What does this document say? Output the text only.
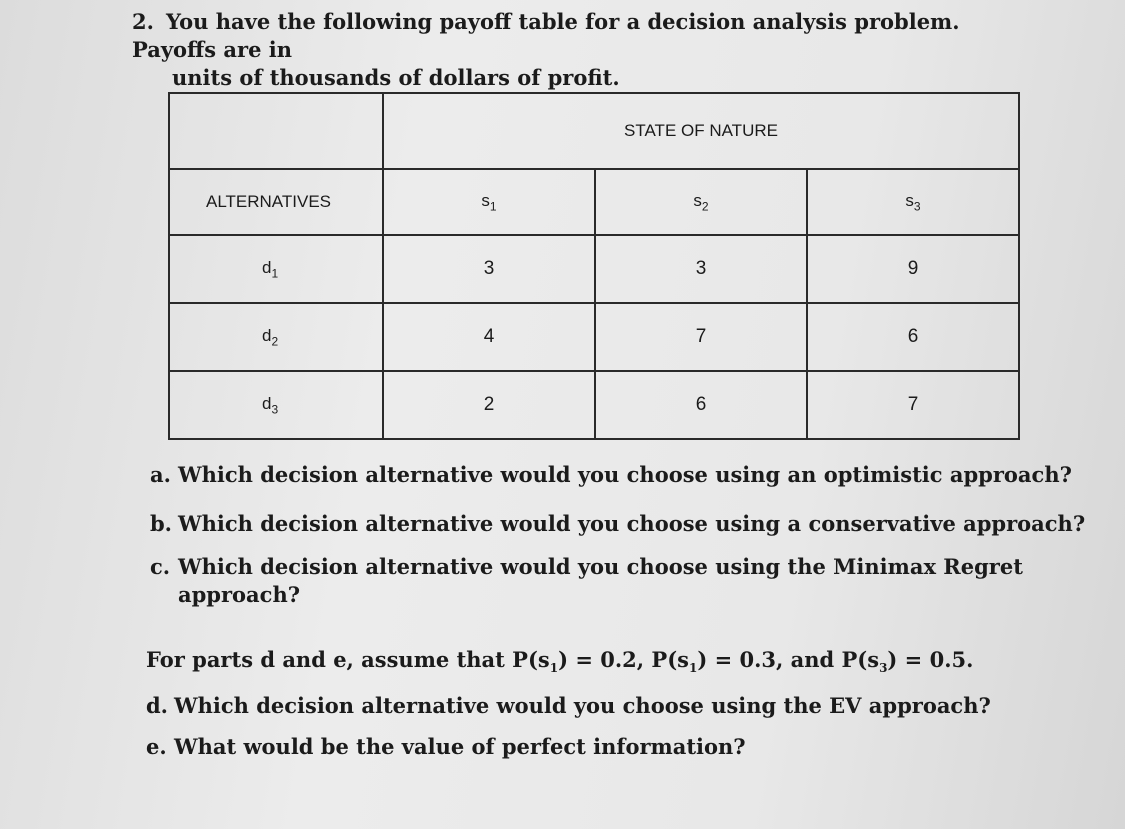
2. You have the following payoff table for a decision analysis problem. Payoffs are in
units of thousands of dollars of profit.
	STATE OF NATURE		
ALTERNATIVES	$s_1$	$s_2$	$s_3$
$d_1$	3	3	9
$d_2$	4	7	6
$d_3$	2	6	7
a. Which decision alternative would you choose using an optimistic approach?
b. Which decision alternative would you choose using a conservative approach?
c. Which decision alternative would you choose using the Minimax Regret
approach?
For parts d and e, assume that $P(s_1) = 0.2$, $P(s_1) = 0.3$, and $P(s_3) = 0.5$.
d. Which decision alternative would you choose using the EV approach?
e. What would be the value of perfect information?
